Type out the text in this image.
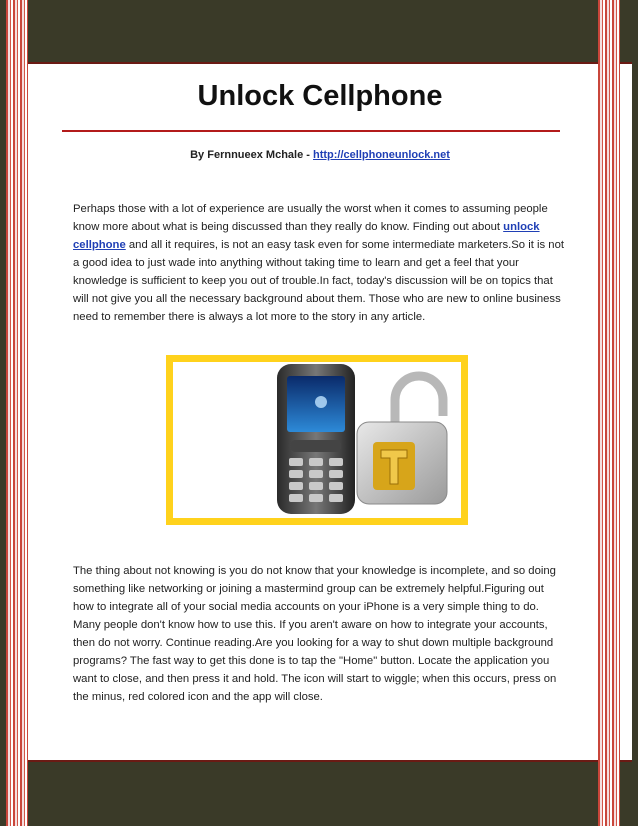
Unlock Cellphone
By Fernnueex Mchale - http://cellphoneunlock.net

Perhaps those with a lot of experience are usually the worst when it comes to assuming people know more about what is being discussed than they really do know. Finding out about unlock cellphone and all it requires, is not an easy task even for some intermediate marketers.So it is not a good idea to just wade into anything without taking time to learn and get a feel that your knowledge is sufficient to keep you out of trouble.In fact, today's discussion will be on topics that will not give you all the necessary background about them. Those who are new to online business need to remember there is always a lot more to the story in any article.

The thing about not knowing is you do not know that your knowledge is incomplete, and so doing something like networking or joining a mastermind group can be extremely helpful.Figuring out how to integrate all of your social media accounts on your iPhone is a very simple thing to do. Many people don't know how to use this. If you aren't aware on how to integrate your accounts, then do not worry. Continue reading.Are you looking for a way to shut down multiple background programs? The fast way to get this done is to tap the "Home" button. Locate the application you want to close, and then press it and hold. The icon will start to wiggle; when this occurs, press on the minus, red colored icon and the app will close.
